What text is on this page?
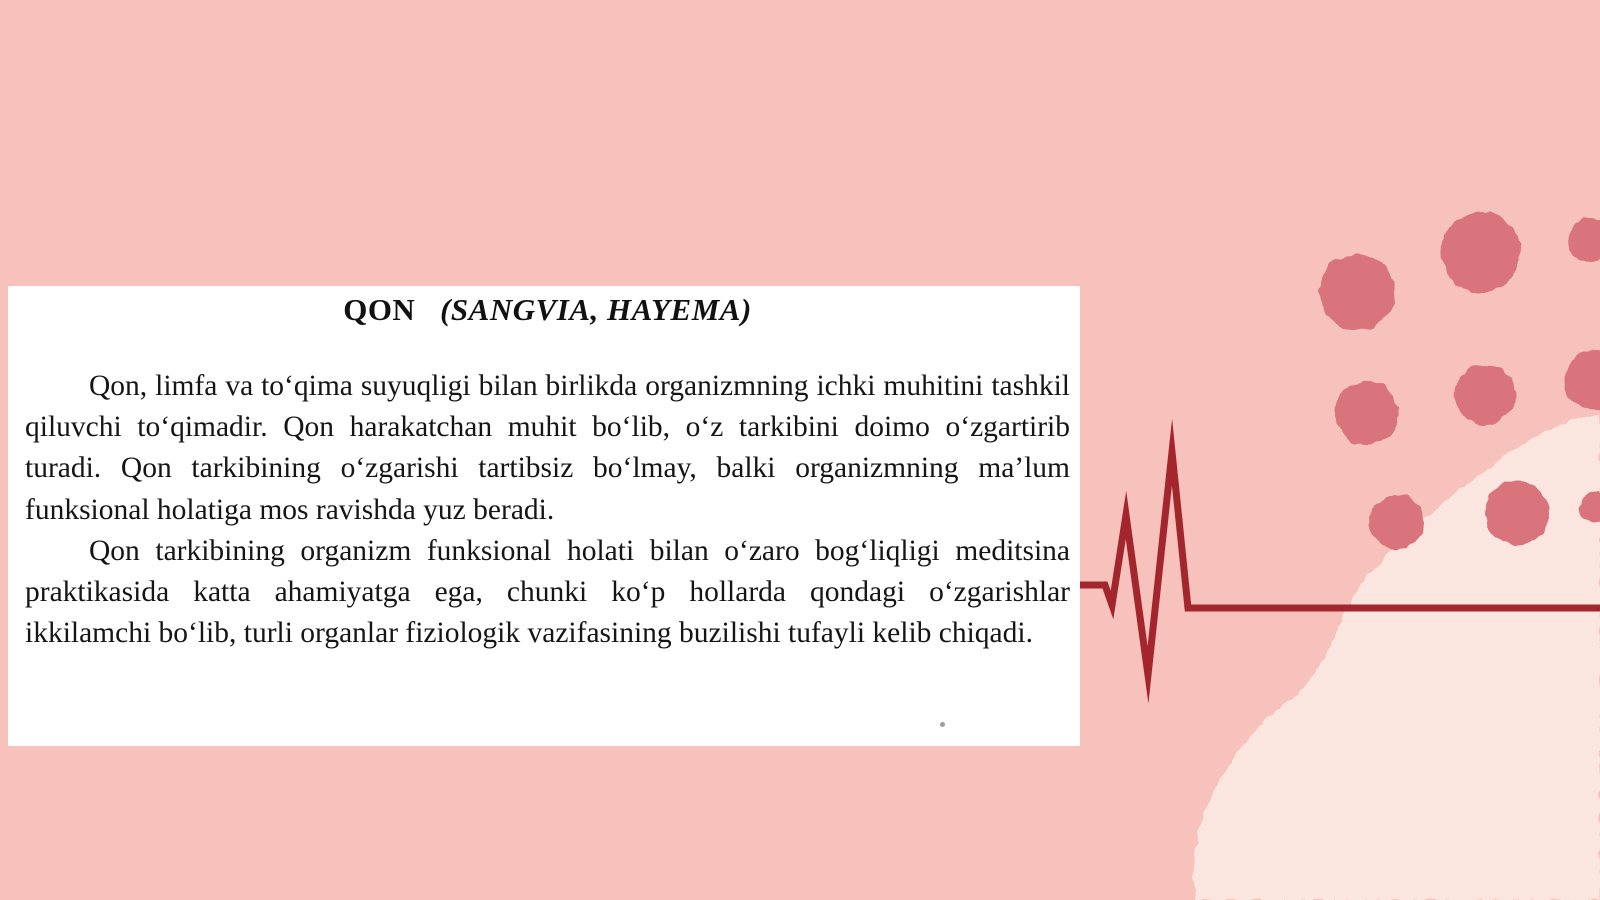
QON (SANGVIA, HAYEMA)

Qon, limfa va to‘qima suyuqligi bilan birlikda organizmning ichki muhitini tashkil qiluvchi to‘qimadir. Qon harakatchan muhit bo‘lib, o‘z tarkibini doimo o‘zgartirib turadi. Qon tarkibining o‘zgarishi tartibsiz bo‘lmay, balki organizmning ma’lum funksional holatiga mos ravishda yuz beradi.

Qon tarkibining organizm funksional holati bilan o‘zaro bog‘liqligi meditsina praktikasida katta ahamiyatga ega, chunki ko‘p hollarda qondagi o‘zgarishlar ikkilamchi bo‘lib, turli organlar fiziologik vazifasining buzilishi tufayli kelib chiqadi.
